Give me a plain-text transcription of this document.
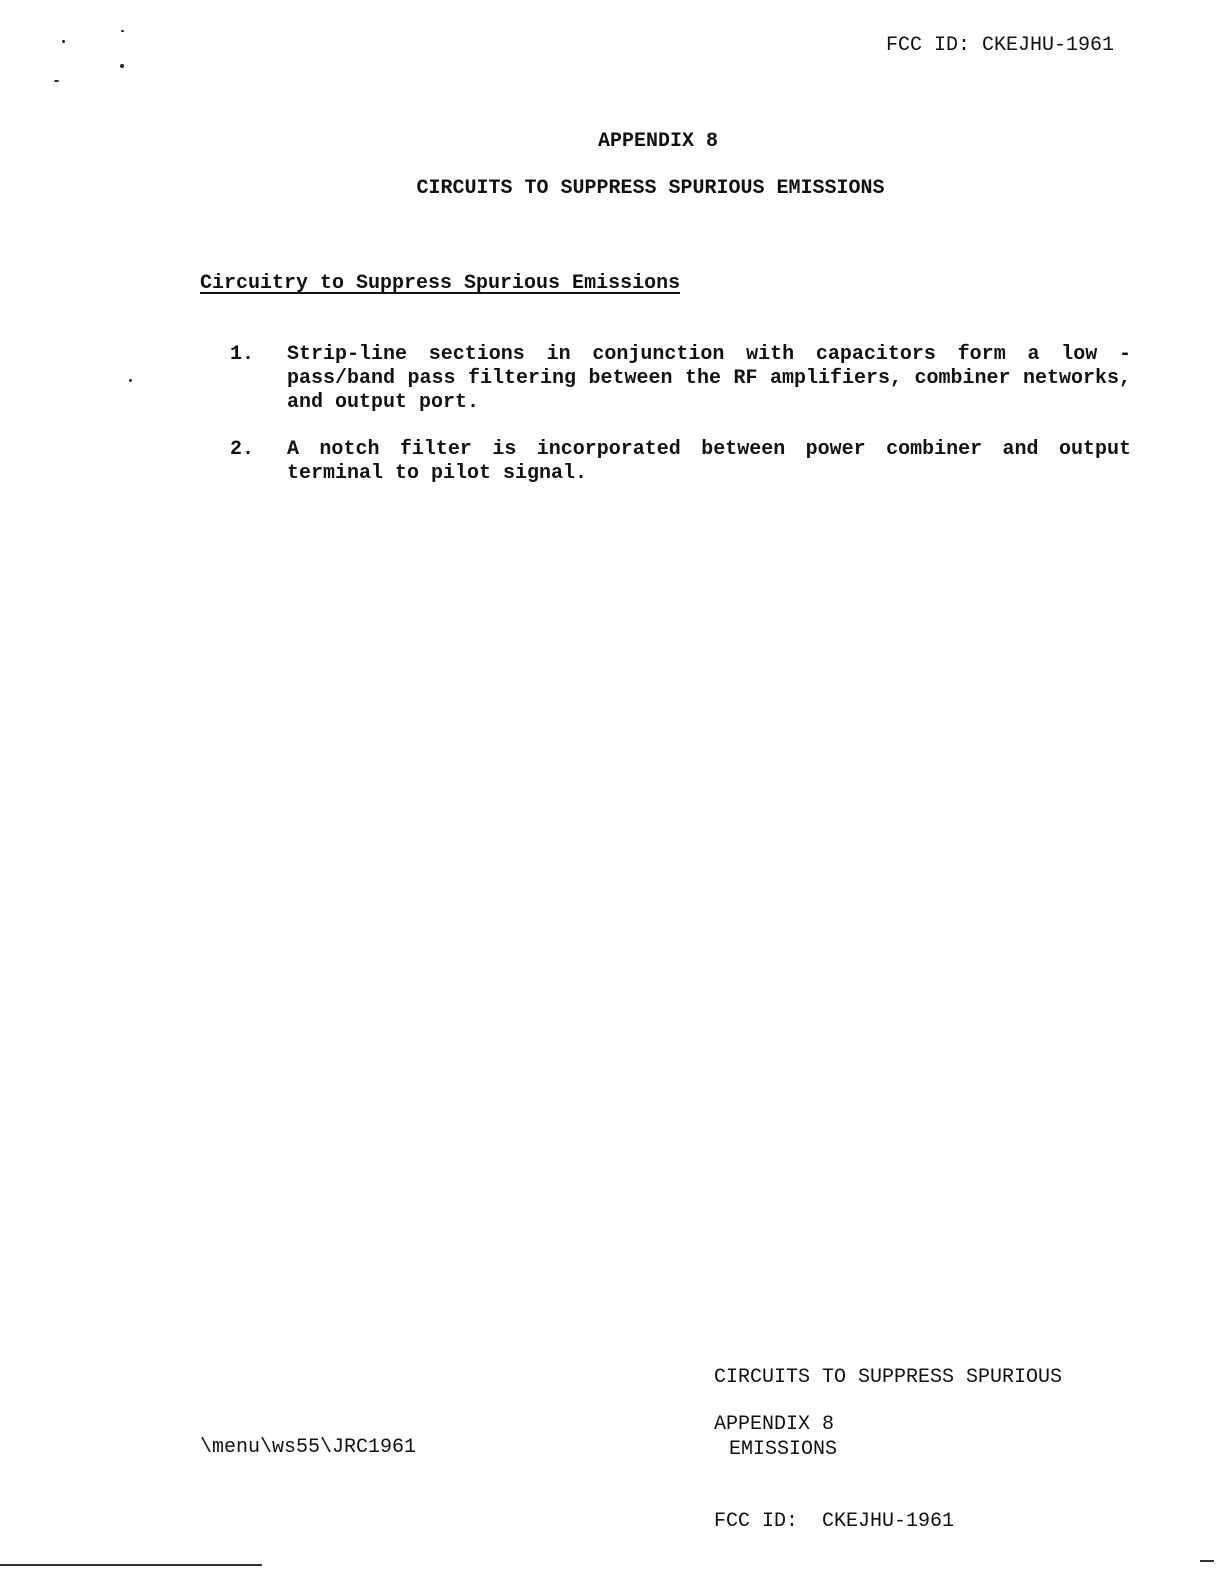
FCC ID: CKEJHU-1961
APPENDIX 8
CIRCUITS TO SUPPRESS SPURIOUS EMISSIONS
Circuitry to Suppress Spurious Emissions

1.

Strip-line sections in conjunction with capacitors form a low -pass/band pass filtering between the RF amplifiers, combiner networks, and output port.

2.

A notch filter is incorporated between power combiner and output terminal to pilot signal.

CIRCUITS TO SUPPRESS SPURIOUS

EMISSIONS

FCC ID:  CKEJHU-1961

APPENDIX 8
\menu\ws55\JRC1961
